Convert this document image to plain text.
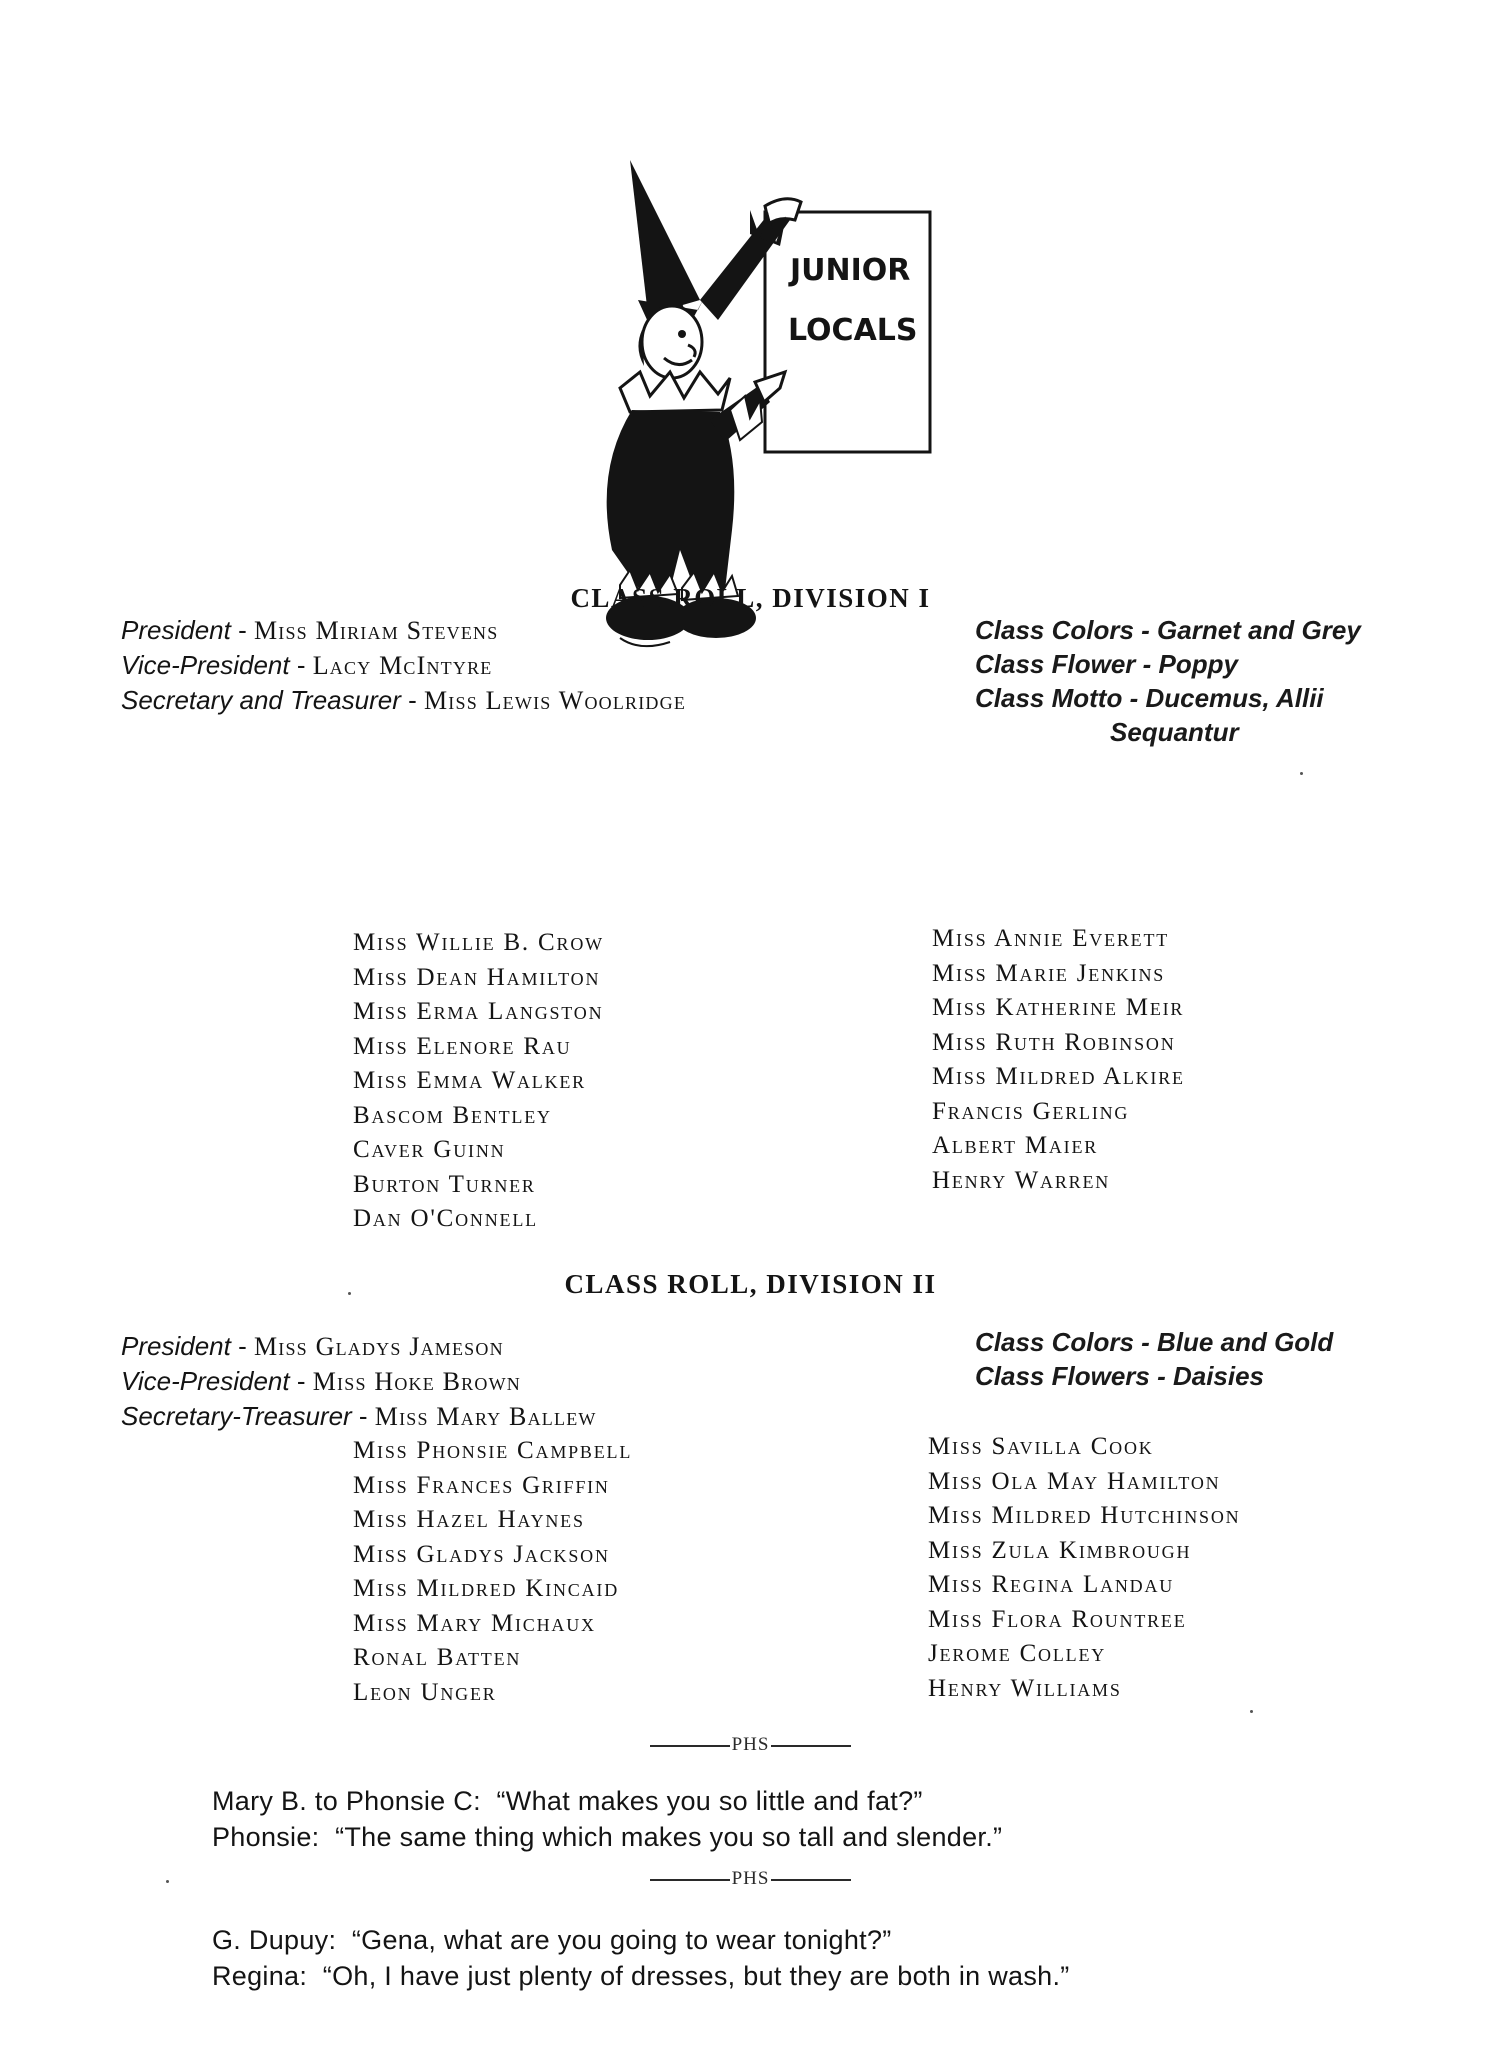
JUNIOR
LOCALS
CLASS ROLL, DIVISION I
President - Miss Miriam Stevens
Vice-President - Lacy McIntyre
Secretary and Treasurer - Miss Lewis Woolridge
Class Colors - Garnet and Grey
Class Flower - Poppy
Class Motto - Ducemus, Allii
Sequantur
Miss Willie B. Crow
Miss Dean Hamilton
Miss Erma Langston
Miss Elenore Rau
Miss Emma Walker
Bascom Bentley
Caver Guinn
Burton Turner
Dan O'Connell
Miss Annie Everett
Miss Marie Jenkins
Miss Katherine Meir
Miss Ruth Robinson
Miss Mildred Alkire
Francis Gerling
Albert Maier
Henry Warren
CLASS ROLL, DIVISION II
President - Miss Gladys Jameson
Vice-President - Miss Hoke Brown
Secretary-Treasurer - Miss Mary Ballew
Class Colors - Blue and Gold
Class Flowers - Daisies
Miss Phonsie Campbell
Miss Frances Griffin
Miss Hazel Haynes
Miss Gladys Jackson
Miss Mildred Kincaid
Miss Mary Michaux
Ronal Batten
Leon Unger
Miss Savilla Cook
Miss Ola May Hamilton
Miss Mildred Hutchinson
Miss Zula Kimbrough
Miss Regina Landau
Miss Flora Rountree
Jerome Colley
Henry Williams
PHS
Mary B. to Phonsie C: “What makes you so little and fat?”
Phonsie: “The same thing which makes you so tall and slender.”
PHS
G. Dupuy: “Gena, what are you going to wear tonight?”
Regina: “Oh, I have just plenty of dresses, but they are both in wash.”
